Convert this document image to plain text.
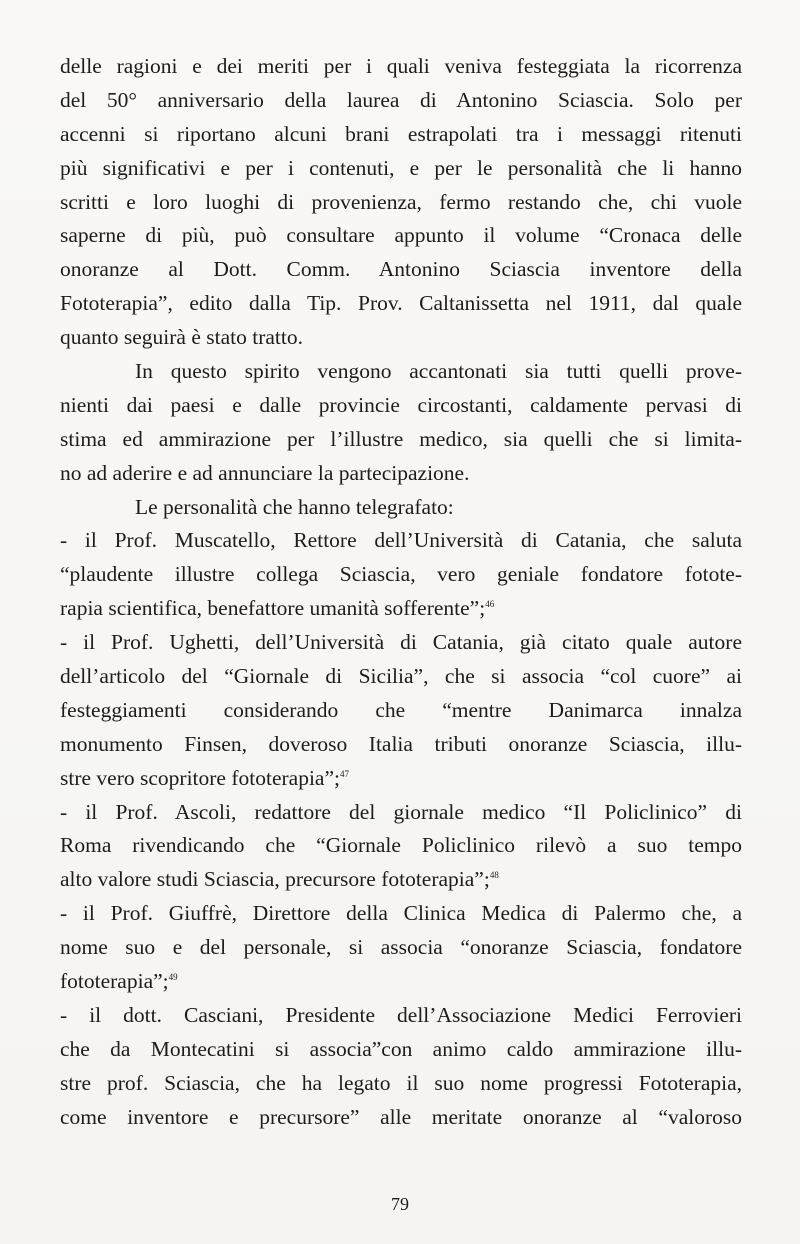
delle ragioni e dei meriti per i quali veniva festeggiata la ricorrenza
del 50° anniversario della laurea di Antonino Sciascia. Solo per
accenni si riportano alcuni brani estrapolati tra i messaggi ritenuti
più significativi e per i contenuti, e per le personalità che li hanno
scritti e loro luoghi di provenienza, fermo restando che, chi vuole
saperne di più, può consultare appunto il volume “Cronaca delle
onoranze al Dott. Comm. Antonino Sciascia inventore della
Fototerapia”, edito dalla Tip. Prov. Caltanissetta nel 1911, dal quale
quanto seguirà è stato tratto.
In questo spirito vengono accantonati sia tutti quelli prove-
nienti dai paesi e dalle provincie circostanti, caldamente pervasi di
stima ed ammirazione per l’illustre medico, sia quelli che si limita-
no ad aderire e ad annunciare la partecipazione.
Le personalità che hanno telegrafato:
- il Prof. Muscatello, Rettore dell’Università di Catania, che saluta
“plaudente illustre collega Sciascia, vero geniale fondatore fotote-
rapia scientifica, benefattore umanità sofferente”;$^{46}$
- il Prof. Ughetti, dell’Università di Catania, già citato quale autore
dell’articolo del “Giornale di Sicilia”, che si associa “col cuore” ai
festeggiamenti considerando che “mentre Danimarca innalza
monumento Finsen, doveroso Italia tributi onoranze Sciascia, illu-
stre vero scopritore fototerapia”;$^{47}$
- il Prof. Ascoli, redattore del giornale medico “Il Policlinico” di
Roma rivendicando che “Giornale Policlinico rilevò a suo tempo
alto valore studi Sciascia, precursore fototerapia”;$^{48}$
- il Prof. Giuffrè, Direttore della Clinica Medica di Palermo che, a
nome suo e del personale, si associa “onoranze Sciascia, fondatore
fototerapia”;$^{49}$
- il dott. Casciani, Presidente dell’Associazione Medici Ferrovieri
che da Montecatini si associa”con animo caldo ammirazione illu-
stre prof. Sciascia, che ha legato il suo nome progressi Fototerapia,
come inventore e precursore” alle meritate onoranze al “valoroso
79
